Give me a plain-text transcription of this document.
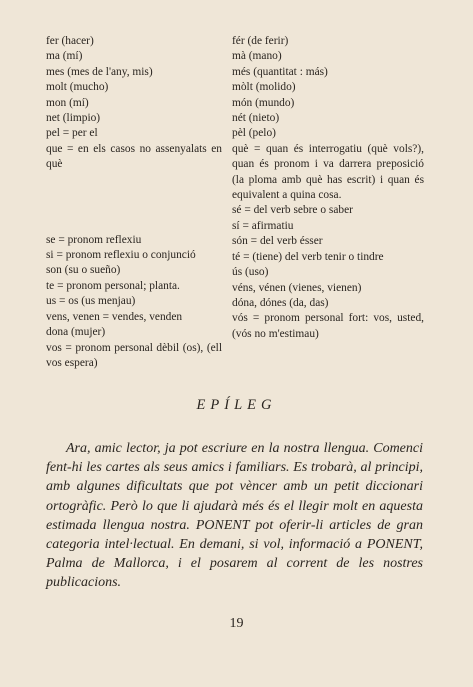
fer (hacer)

ma (mí)

mes (mes de l'any, mis)

molt (mucho)

mon (mí)

net (limpio)

pel = per el

que = en els casos no assenyalats en què

se = pronom reflexiu

si = pronom reflexiu o conjunció

son (su o sueño)

te = pronom personal; planta.

us = os (us menjau)

vens, venen = vendes, venden

dona (mujer)

vos = pronom personal dèbil (os), (ell vos espera)

fér (de ferir)

mà (mano)

més (quantitat : más)

mòlt (molido)

món (mundo)

nét (nieto)

pèl (pelo)

què = quan és interrogatiu (què vols?), quan és pronom i va darrera preposició (la ploma amb què has escrit) i quan és equivalent a quina cosa.

sé = del verb sebre o saber

sí = afirmatiu

són = del verb ésser

té = (tiene) del verb tenir o tindre

ús (uso)

véns, vénen (vienes, vienen)

dóna, dónes (da, das)

vós = pronom personal fort: vos, usted, (vós no m'estimau)

EPÍLEG

Ara, amic lector, ja pot escriure en la nostra llengua. Comenci fent-hi les cartes als seus amics i familiars. Es trobarà, al principi, amb algunes dificultats que pot vèncer amb un petit diccionari ortogràfic. Però lo que li ajudarà més és el llegir molt en aquesta estimada llengua nostra. PONENT pot oferir-li articles de gran categoria intel·lectual. En demani, si vol, informació a PONENT, Palma de Mallorca, i el posarem al corrent de les nostres publicacions.

19
